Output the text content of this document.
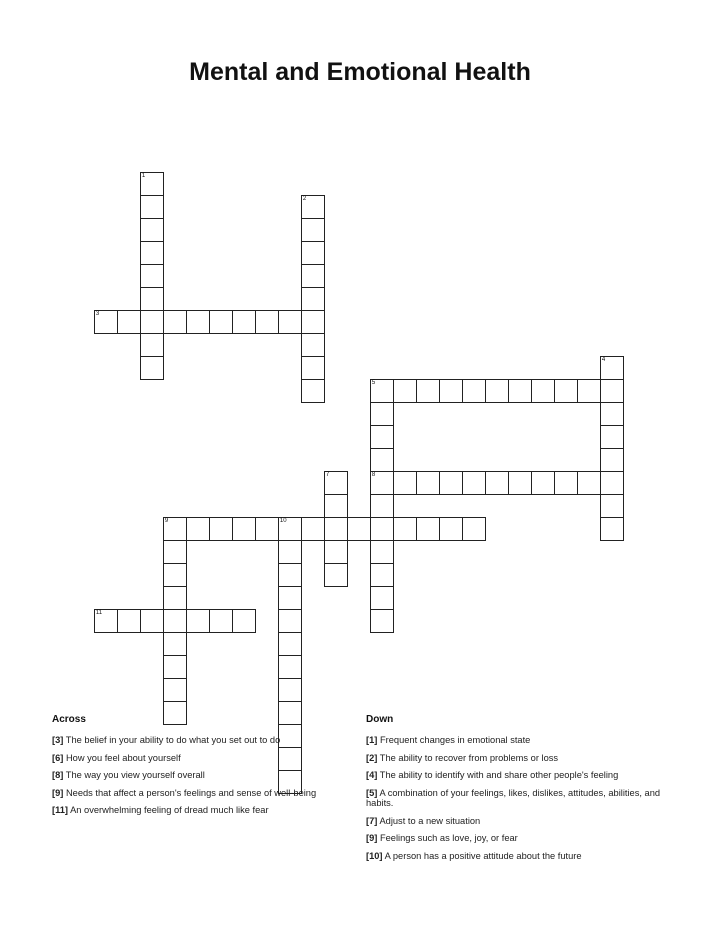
Mental and Emotional Health
1
2
3
4
5
8
7
9	10
11
Across
[3] The belief in your ability to do what you set out to do
[6] How you feel about yourself
[8] The way you view yourself overall
[9] Needs that affect a person's feelings and sense of well-being
[11] An overwhelming feeling of dread much like fear
Down
[1] Frequent changes in emotional state
[2] The ability to recover from problems or loss
[4] The ability to identify with and share other people's feeling
[5] A combination of your feelings, likes, dislikes, attitudes, abilities, and habits.
[7] Adjust to a new situation
[9] Feelings such as love, joy, or fear
[10] A person has a positive attitude about the future
